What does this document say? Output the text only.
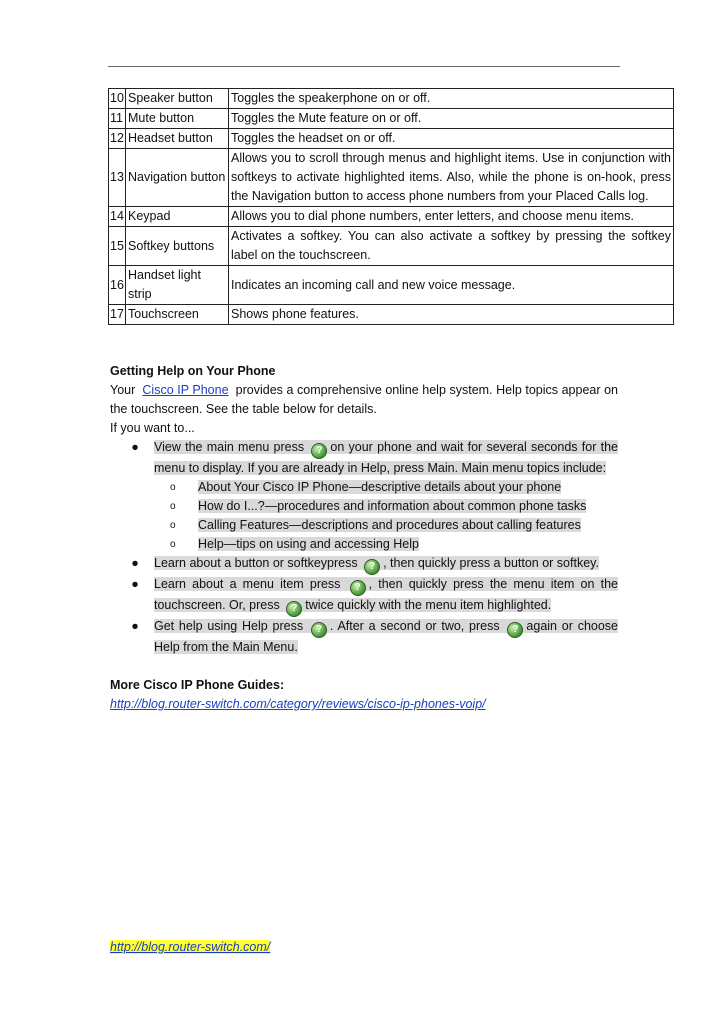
10	Speaker button	Toggles the speakerphone on or off.
11	Mute button	Toggles the Mute feature on or off.
12	Headset button	Toggles the headset on or off.
13	Navigation button	Allows you to scroll through menus and highlight items. Use in conjunction with softkeys to activate highlighted items. Also, while the phone is on-hook, press the Navigation button to access phone numbers from your Placed Calls log.
14	Keypad	Allows you to dial phone numbers, enter letters, and choose menu items.
15	Softkey buttons	Activates a softkey. You can also activate a softkey by pressing the softkey label on the touchscreen.
16	Handset light strip	Indicates an incoming call and new voice message.
17	Touchscreen	Shows phone features.

Getting Help on Your Phone

Your Cisco IP Phone provides a comprehensive online help system. Help topics appear on the touchscreen. See the table below for details.

If you want to...

● View the main menu press ? on your phone and wait for several seconds for the menu to display. If you are already in Help, press Main. Main menu topics include:
o About Your Cisco IP Phone—descriptive details about your phone
o How do I...?—procedures and information about common phone tasks
o Calling Features—descriptions and procedures about calling features
o Help—tips on using and accessing Help
● Learn about a button or softkeypress ? , then quickly press a button or softkey.
● Learn about a menu item press ? , then quickly press the menu item on the touchscreen. Or, press ? twice quickly with the menu item highlighted.
● Get help using Help press ? . After a second or two, press ? again or choose Help from the Main Menu.

More Cisco IP Phone Guides:

http://blog.router-switch.com/category/reviews/cisco-ip-phones-voip/

http://blog.router-switch.com/
